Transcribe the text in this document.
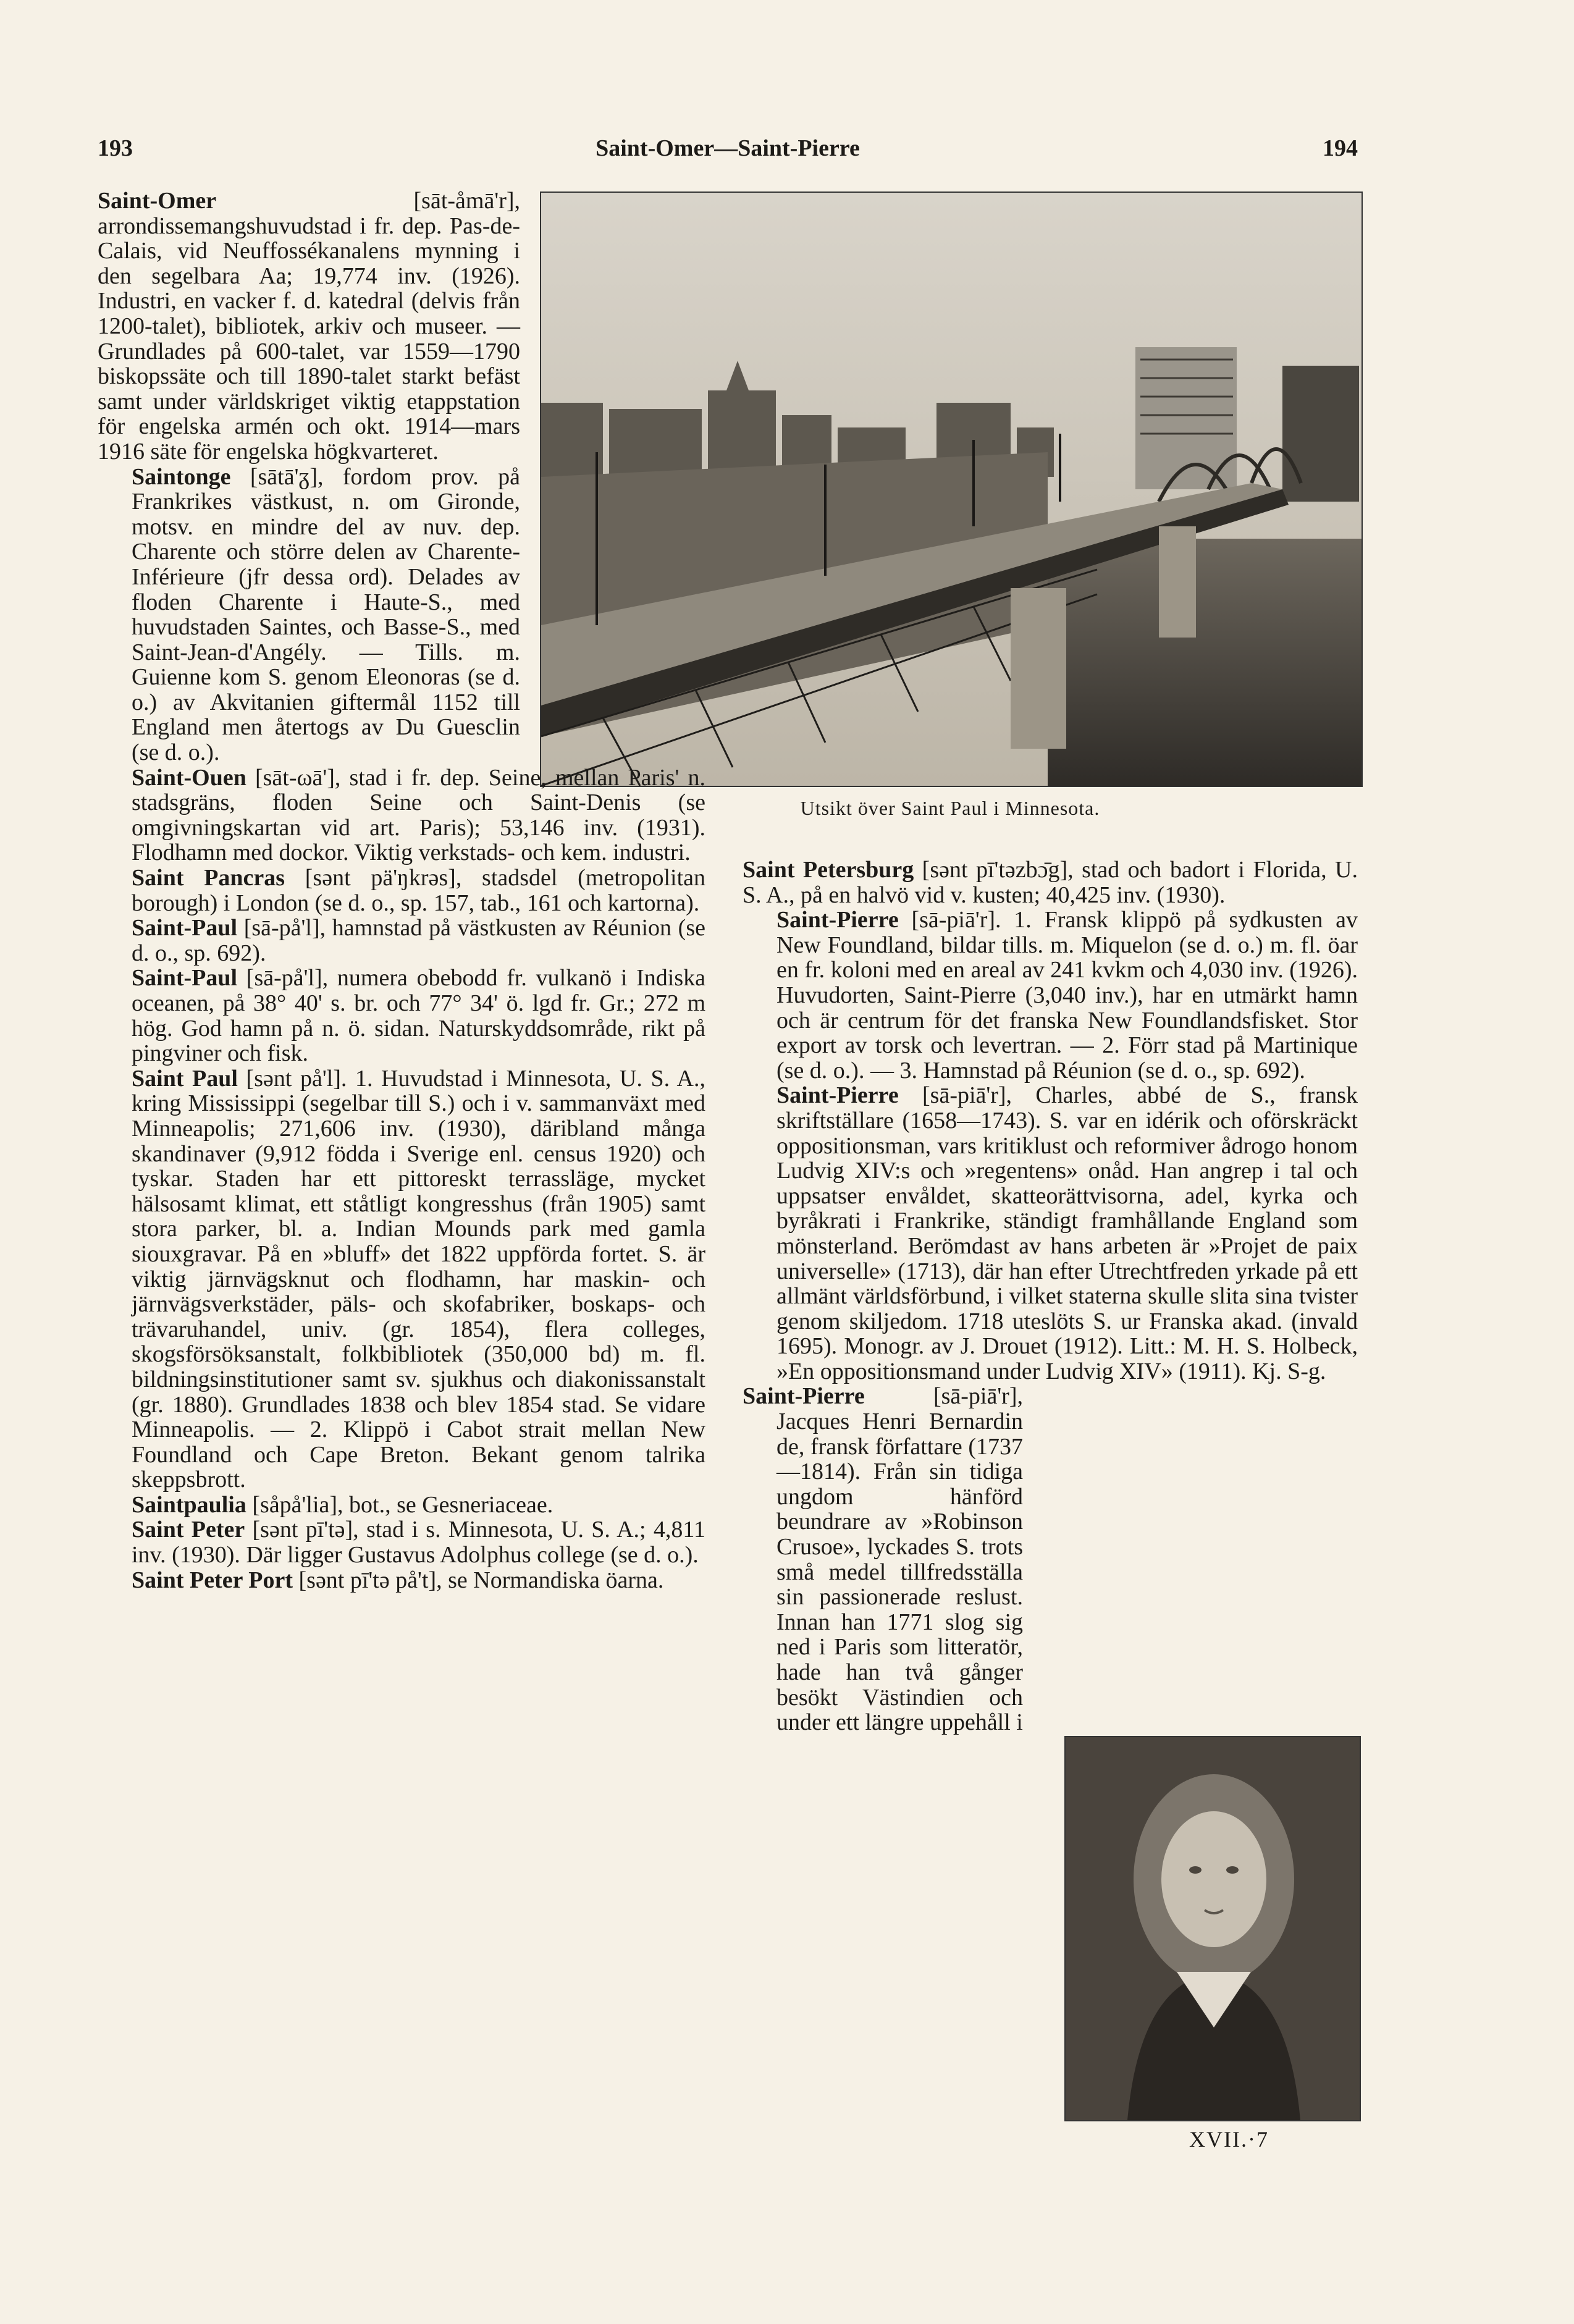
193	Saint-Omer—Saint-Pierre	194
Utsikt över Saint Paul i Minnesota.

Saint-Omer [sāt-åmā'r], arrondissemangshuvudstad i fr. dep. Pas-de-Calais, vid Neuffossékanalens mynning i den segelbara Aa; 19,774 inv. (1926). Industri, en vacker f. d. katedral (delvis från 1200-talet), bibliotek, arkiv och museer. — Grundlades på 600-talet, var 1559—1790 biskopssäte och till 1890-talet starkt befäst samt under världskriget viktig etappstation för engelska armén och okt. 1914—mars 1916 säte för engelska högkvarteret.

Saintonge [sātā'ᵹ], fordom prov. på Frankrikes västkust, n. om Gironde, motsv. en mindre del av nuv. dep. Charente och större delen av Charente-Inférieure (jfr dessa ord). Delades av floden Charente i Haute-S., med huvudstaden Saintes, och Basse-S., med Saint-Jean-d'Angély. — Tills. m. Guienne kom S. genom Eleonoras (se d. o.) av Akvitanien giftermål 1152 till England men återtogs av Du Guesclin (se d. o.).

Saint-Ouen [sāt-ωā'], stad i fr. dep. Seine, mellan Paris' n. stadsgräns, floden Seine och Saint-Denis (se omgivningskartan vid art. Paris); 53,146 inv. (1931). Flodhamn med dockor. Viktig verkstads- och kem. industri.

Saint Pancras [sənt pä'ŋkrəs], stadsdel (metropolitan borough) i London (se d. o., sp. 157, tab., 161 och kartorna).

Saint-Paul [sā-på'l], hamnstad på västkusten av Réunion (se d. o., sp. 692).

Saint-Paul [sā-på'l], numera obebodd fr. vulkanö i Indiska oceanen, på 38° 40' s. br. och 77° 34' ö. lgd fr. Gr.; 272 m hög. God hamn på n. ö. sidan. Naturskyddsområde, rikt på pingviner och fisk.

Saint Paul [sənt på'l]. 1. Huvudstad i Minnesota, U. S. A., kring Mississippi (segelbar till S.) och i v. sammanväxt med Minneapolis; 271,606 inv. (1930), däribland många skandinaver (9,912 födda i Sverige enl. census 1920) och tyskar. Staden har ett pittoreskt terrassläge, mycket hälsosamt klimat, ett ståtligt kongresshus (från 1905) samt stora parker, bl. a. Indian Mounds park med gamla siouxgravar. På en »bluff» det 1822 uppförda fortet. S. är viktig järnvägsknut och flodhamn, har maskin- och järnvägsverkstäder, päls- och skofabriker, boskaps- och trävaruhandel, univ. (gr. 1854), flera colleges, skogsförsöksanstalt, folkbibliotek (350,000 bd) m. fl. bildningsinstitutioner samt sv. sjukhus och diakonissanstalt (gr. 1880). Grundlades 1838 och blev 1854 stad. Se vidare Minneapolis. — 2. Klippö i Cabot strait mellan New Foundland och Cape Breton. Bekant genom talrika skeppsbrott.

Saintpaulia [såpå'lia], bot., se Gesneriaceae.

Saint Peter [sənt pī'tə], stad i s. Minnesota, U. S. A.; 4,811 inv. (1930). Där ligger Gustavus Adolphus college (se d. o.).

Saint Peter Port [sənt pī'tə på't], se Normandiska öarna.

Saint Petersburg [sənt pī'təzbɔ̄g], stad och badort i Florida, U. S. A., på en halvö vid v. kusten; 40,425 inv. (1930).

Saint-Pierre [sā-piā'r]. 1. Fransk klippö på sydkusten av New Foundland, bildar tills. m. Miquelon (se d. o.) m. fl. öar en fr. koloni med en areal av 241 kvkm och 4,030 inv. (1926). Huvudorten, Saint-Pierre (3,040 inv.), har en utmärkt hamn och är centrum för det franska New Foundlandsfisket. Stor export av torsk och levertran. — 2. Förr stad på Martinique (se d. o.). — 3. Hamnstad på Réunion (se d. o., sp. 692).

Saint-Pierre [sā-piā'r], Charles, abbé de S., fransk skriftställare (1658—1743). S. var en idérik och oförskräckt oppositionsman, vars kritiklust och reformiver ådrogo honom Ludvig XIV:s och »regentens» onåd. Han angrep i tal och uppsatser envåldet, skatteorättvisorna, adel, kyrka och byråkrati i Frankrike, ständigt framhållande England som mönsterland. Berömdast av hans arbeten är »Projet de paix universelle» (1713), där han efter Utrechtfreden yrkade på ett allmänt världsförbund, i vilket staterna skulle slita sina tvister genom skiljedom. 1718 uteslöts S. ur Franska akad. (invald 1695). Monogr. av J. Drouet (1912). Litt.: M. H. S. Holbeck, »En oppositionsmand under Ludvig XIV» (1911). Kj. S-g.

Saint-Pierre [sā-piā'r], Jacques Henri Bernardin de, fransk författare (1737—1814). Från sin tidiga ungdom hänförd beundrare av »Robinson Crusoe», lyckades S. trots små medel tillfredsställa sin passionerade reslust. Innan han 1771 slog sig ned i Paris som litteratör, hade han två gånger besökt Västindien och under ett längre uppehåll i

XVII.·7
